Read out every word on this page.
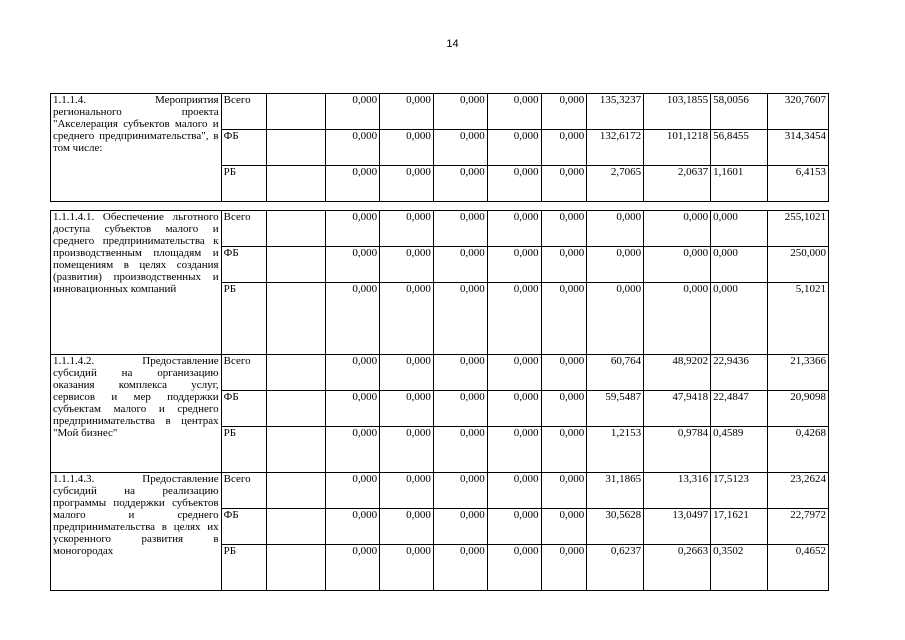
14
1.1.1.4. Мероприятия регионального проекта "Акселерация субъектов малого и среднего предпринимательства", в том числе:	Всего		0,000	0,000	0,000	0,000	0,000	135,3237	103,1855	58,0056	320,7607
	ФБ		0,000	0,000	0,000	0,000	0,000	132,6172	101,1218	56,8455	314,3454
	РБ		0,000	0,000	0,000	0,000	0,000	2,7065	2,0637	1,1601	6,4153

1.1.1.4.1. Обеспечение льготного доступа субъектов малого и среднего предпринимательства к производственным площадям и помещениям в целях создания (развития) производственных и инновационных компаний	Всего		0,000	0,000	0,000	0,000	0,000	0,000	0,000	0,000	255,1021
	ФБ		0,000	0,000	0,000	0,000	0,000	0,000	0,000	0,000	250,000
	РБ		0,000	0,000	0,000	0,000	0,000	0,000	0,000	0,000	5,1021
1.1.1.4.2. Предоставление субсидий на организацию оказания комплекса услуг, сервисов и мер поддержки субъектам малого и среднего предпринимательства в центрах "Мой бизнес"	Всего		0,000	0,000	0,000	0,000	0,000	60,764	48,9202	22,9436	21,3366
	ФБ		0,000	0,000	0,000	0,000	0,000	59,5487	47,9418	22,4847	20,9098
	РБ		0,000	0,000	0,000	0,000	0,000	1,2153	0,9784	0,4589	0,4268
1.1.1.4.3. Предоставление субсидий на реализацию программы поддержки субъектов малого и среднего предпринимательства в целях их ускоренного развития в моногородах	Всего		0,000	0,000	0,000	0,000	0,000	31,1865	13,316	17,5123	23,2624
	ФБ		0,000	0,000	0,000	0,000	0,000	30,5628	13,0497	17,1621	22,7972
	РБ		0,000	0,000	0,000	0,000	0,000	0,6237	0,2663	0,3502	0,4652
